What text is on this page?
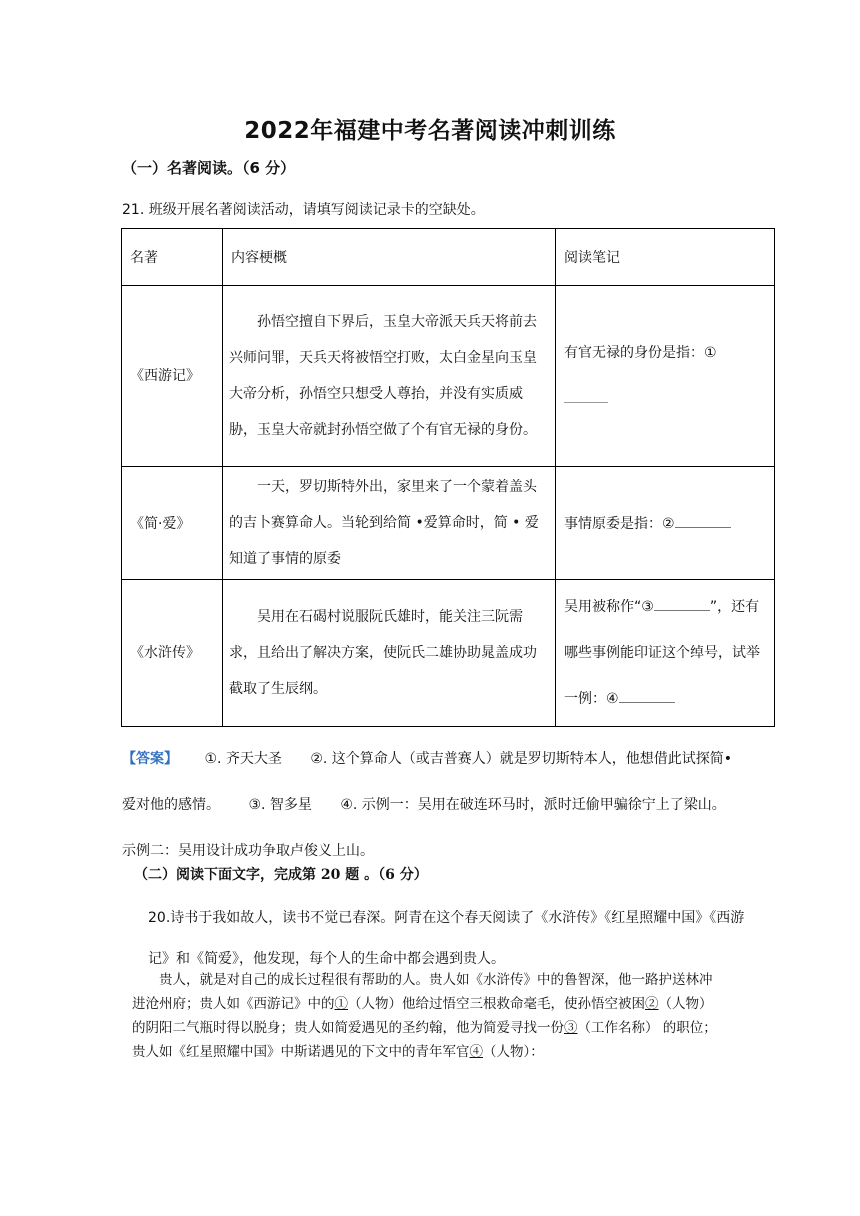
2022年福建中考名著阅读冲刺训练
（一）名著阅读。（6 分）
21. 班级开展名著阅读活动，请填写阅读记录卡的空缺处。
名著	内容梗概	阅读笔记
《西游记》	孙悟空擅自下界后，玉皇大帝派天兵天将前去兴师问罪，天兵天将被悟空打败，太白金星向玉皇大帝分析，孙悟空只想受人尊抬，并没有实质威胁，玉皇大帝就封孙悟空做了个有官无禄的身份。	有官无禄的身份是指：①

《简·爱》	一天，罗切斯特外出，家里来了一个蒙着盖头的吉卜赛算命人。当轮到给简 •爱算命时，简 • 爱知道了事情的原委	事情原委是指：②
《水浒传》	吴用在石碣村说服阮氏雄时，能关注三阮需求，且给出了解决方案，使阮氏二雄协助晁盖成功截取了生辰纲。	吴用被称作“③ ”，还有哪些事例能印证这个绰号，试举一例：④
【答案】 ①. 齐天大圣 ②. 这个算命人（或吉普赛人）就是罗切斯特本人，他想借此试探简•爱对他的感情。 ③. 智多星 ④. 示例一：吴用在破连环马时，派时迁偷甲骗徐宁上了梁山。示例二：吴用设计成功争取卢俊义上山。
（二）阅读下面文字，完成第 20 题 。（6 分）
20.诗书于我如故人，读书不觉已春深。阿青在这个春天阅读了《水浒传》《红星照耀中国》《西游记》和《简爱》，他发现，每个人的生命中都会遇到贵人。
贵人，就是对自己的成长过程很有帮助的人。贵人如《水浒传》中的鲁智深，他一路护送林冲进沧州府；贵人如《西游记》中的①（人物）他给过悟空三根救命毫毛，使孙悟空被困②（人物）的阴阳二气瓶时得以脱身；贵人如简爱遇见的圣约翰，他为简爱寻找一份③（工作名称） 的职位；贵人如《红星照耀中国》中斯诺遇见的下文中的青年军官④（人物）：
